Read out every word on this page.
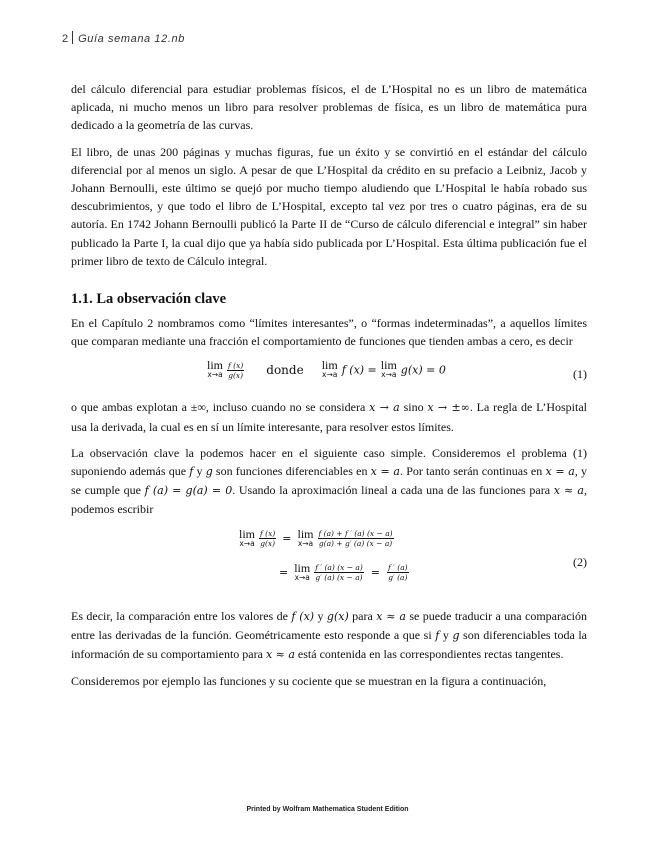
2 Guía semana 12.nb

del cálculo diferencial para estudiar problemas físicos, el de L’Hospital no es un libro de matemática aplicada, ni mucho menos un libro para resolver problemas de física, es un libro de matemática pura dedicado a la geometría de las curvas.

El libro, de unas 200 páginas y muchas figuras, fue un éxito y se convirtió en el estándar del cálculo diferencial por al menos un siglo. A pesar de que L’Hospital da crédito en su prefacio a Leibniz, Jacob y Johann Bernoulli, este último se quejó por mucho tiempo aludiendo que L’Hospital le había robado sus descubrimientos, y que todo el libro de L’Hospital, excepto tal vez por tres o cuatro páginas, era de su autoría. En 1742 Johann Bernoulli publicó la Parte II de “Curso de cálculo diferencial e integral” sin haber publicado la Parte I, la cual dijo que ya había sido publicada por L’Hospital. Esta última publicación fue el primer libro de texto de Cálculo integral.

1.1. La observación clave

En el Capítulo 2 nombramos como “límites interesantes”, o “formas indeterminadas”, a aquellos límites que comparan mediante una fracción el comportamiento de funciones que tienden ambas a cero, es decir

lim
x→a
$\frac{f (x)}{g(x)}$ donde lim
x→a f (x) = lim
x→a g(x) = 0	(1)

o que ambas explotan a ±∞, incluso cuando no se considera x → a sino x → ±∞. La regla de L’Hospital usa la derivada, la cual es en sí un límite interesante, para resolver estos límites.

La observación clave la podemos hacer en el siguiente caso simple. Consideremos el problema (1) suponiendo además que f y g son funciones diferenciables en x = a. Por tanto serán continuas en x = a, y se cumple que f (a) = g(a) = 0. Usando la aproximación lineal a cada una de las funciones para x ≈ a, podemos escribir

lim
x→a
$\frac{f (x)}{g(x)} = \lim$
x→a
$\frac{f (a) + f ' (a) (x - a)}{g(a) + g' (a) (x - a)}$
= lim
x→a
$\frac{f ' (a) (x - a)}{g' (a) (x - a)} = \frac{f ' (a)}{g' (a)}$
(2)

Es decir, la comparación entre los valores de f (x) y g(x) para x ≈ a se puede traducir a una comparación entre las derivadas de la función. Geométricamente esto responde a que si f y g son diferenciables toda la información de su comportamiento para x ≈ a está contenida en las correspondientes rectas tangentes.

Consideremos por ejemplo las funciones y su cociente que se muestran en la figura a continuación,

Printed by Wolfram Mathematica Student Edition
